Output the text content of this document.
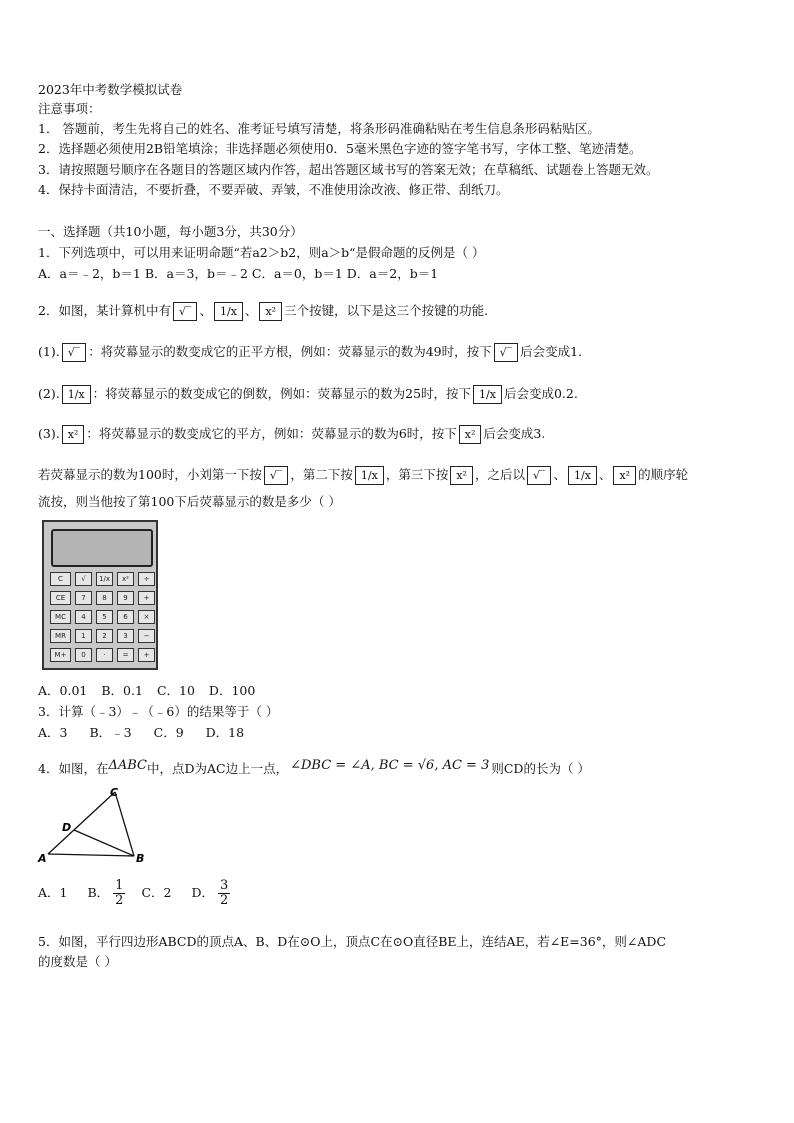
2023年中考数学模拟试卷
注意事项：
1． 答题前，考生先将自己的姓名、准考证号填写清楚，将条形码准确粘贴在考生信息条形码粘贴区。
2．选择题必须使用2B铅笔填涂；非选择题必须使用0．5毫米黑色字迹的签字笔书写，字体工整、笔迹清楚。
3．请按照题号顺序在各题目的答题区域内作答，超出答题区域书写的答案无效；在草稿纸、试题卷上答题无效。
4．保持卡面清洁，不要折叠，不要弄破、弄皱，不准使用涂改液、修正带、刮纸刀。
一、选择题（共10小题，每小题3分，共30分）
1．下列选项中，可以用来证明命题“若a2＞b2，则a＞b“是假命题的反例是（ ）
A．a＝﹣2，b＝1 B．a＝3，b＝﹣2 C．a＝0，b＝1 D．a＝2，b＝1
2．如图，某计算机中有 √‾ 、 1/x 、 x² 三个按键，以下是这三个按键的功能.
(1). √‾ ：将荧幕显示的数变成它的正平方根，例如：荧幕显示的数为49时，按下 √‾ 后会变成1.
(2). 1/x ：将荧幕显示的数变成它的倒数，例如：荧幕显示的数为25时，按下 1/x 后会变成0.2.
(3). x² ：将荧幕显示的数变成它的平方，例如：荧幕显示的数为6时，按下 x² 后会变成3.
若荧幕显示的数为100时，小刘第一下按 √‾ ，第二下按 1/x ，第三下按 x² ，之后以 √‾ 、 1/x 、 x² 的顺序轮
流按，则当他按了第100下后荧幕显示的数是多少（ ）
C	√	1/x	x²	÷
CE	7	8	9	+
MC	4	5	6	×
MR	1	2	3	−
M+	0	·	=	+
A．0.01 B．0.1 C．10 D．100
3．计算（﹣3）﹣（﹣6）的结果等于（ ）
A．3 B．﹣3 C．9 D．18
4．如图，在ΔABC中，点D为AC边上一点， ∠DBC = ∠A, BC = √6, AC = 3 则CD的长为（ ）
C
D
A	B
A．1 B． $\frac{1}{2}$ C．2 D． $\frac{3}{2}$
5．如图，平行四边形ABCD的顶点A、B、D在⊙O上，顶点C在⊙O直径BE上，连结AE，若∠E=36°，则∠ADC
的度数是（ ）
